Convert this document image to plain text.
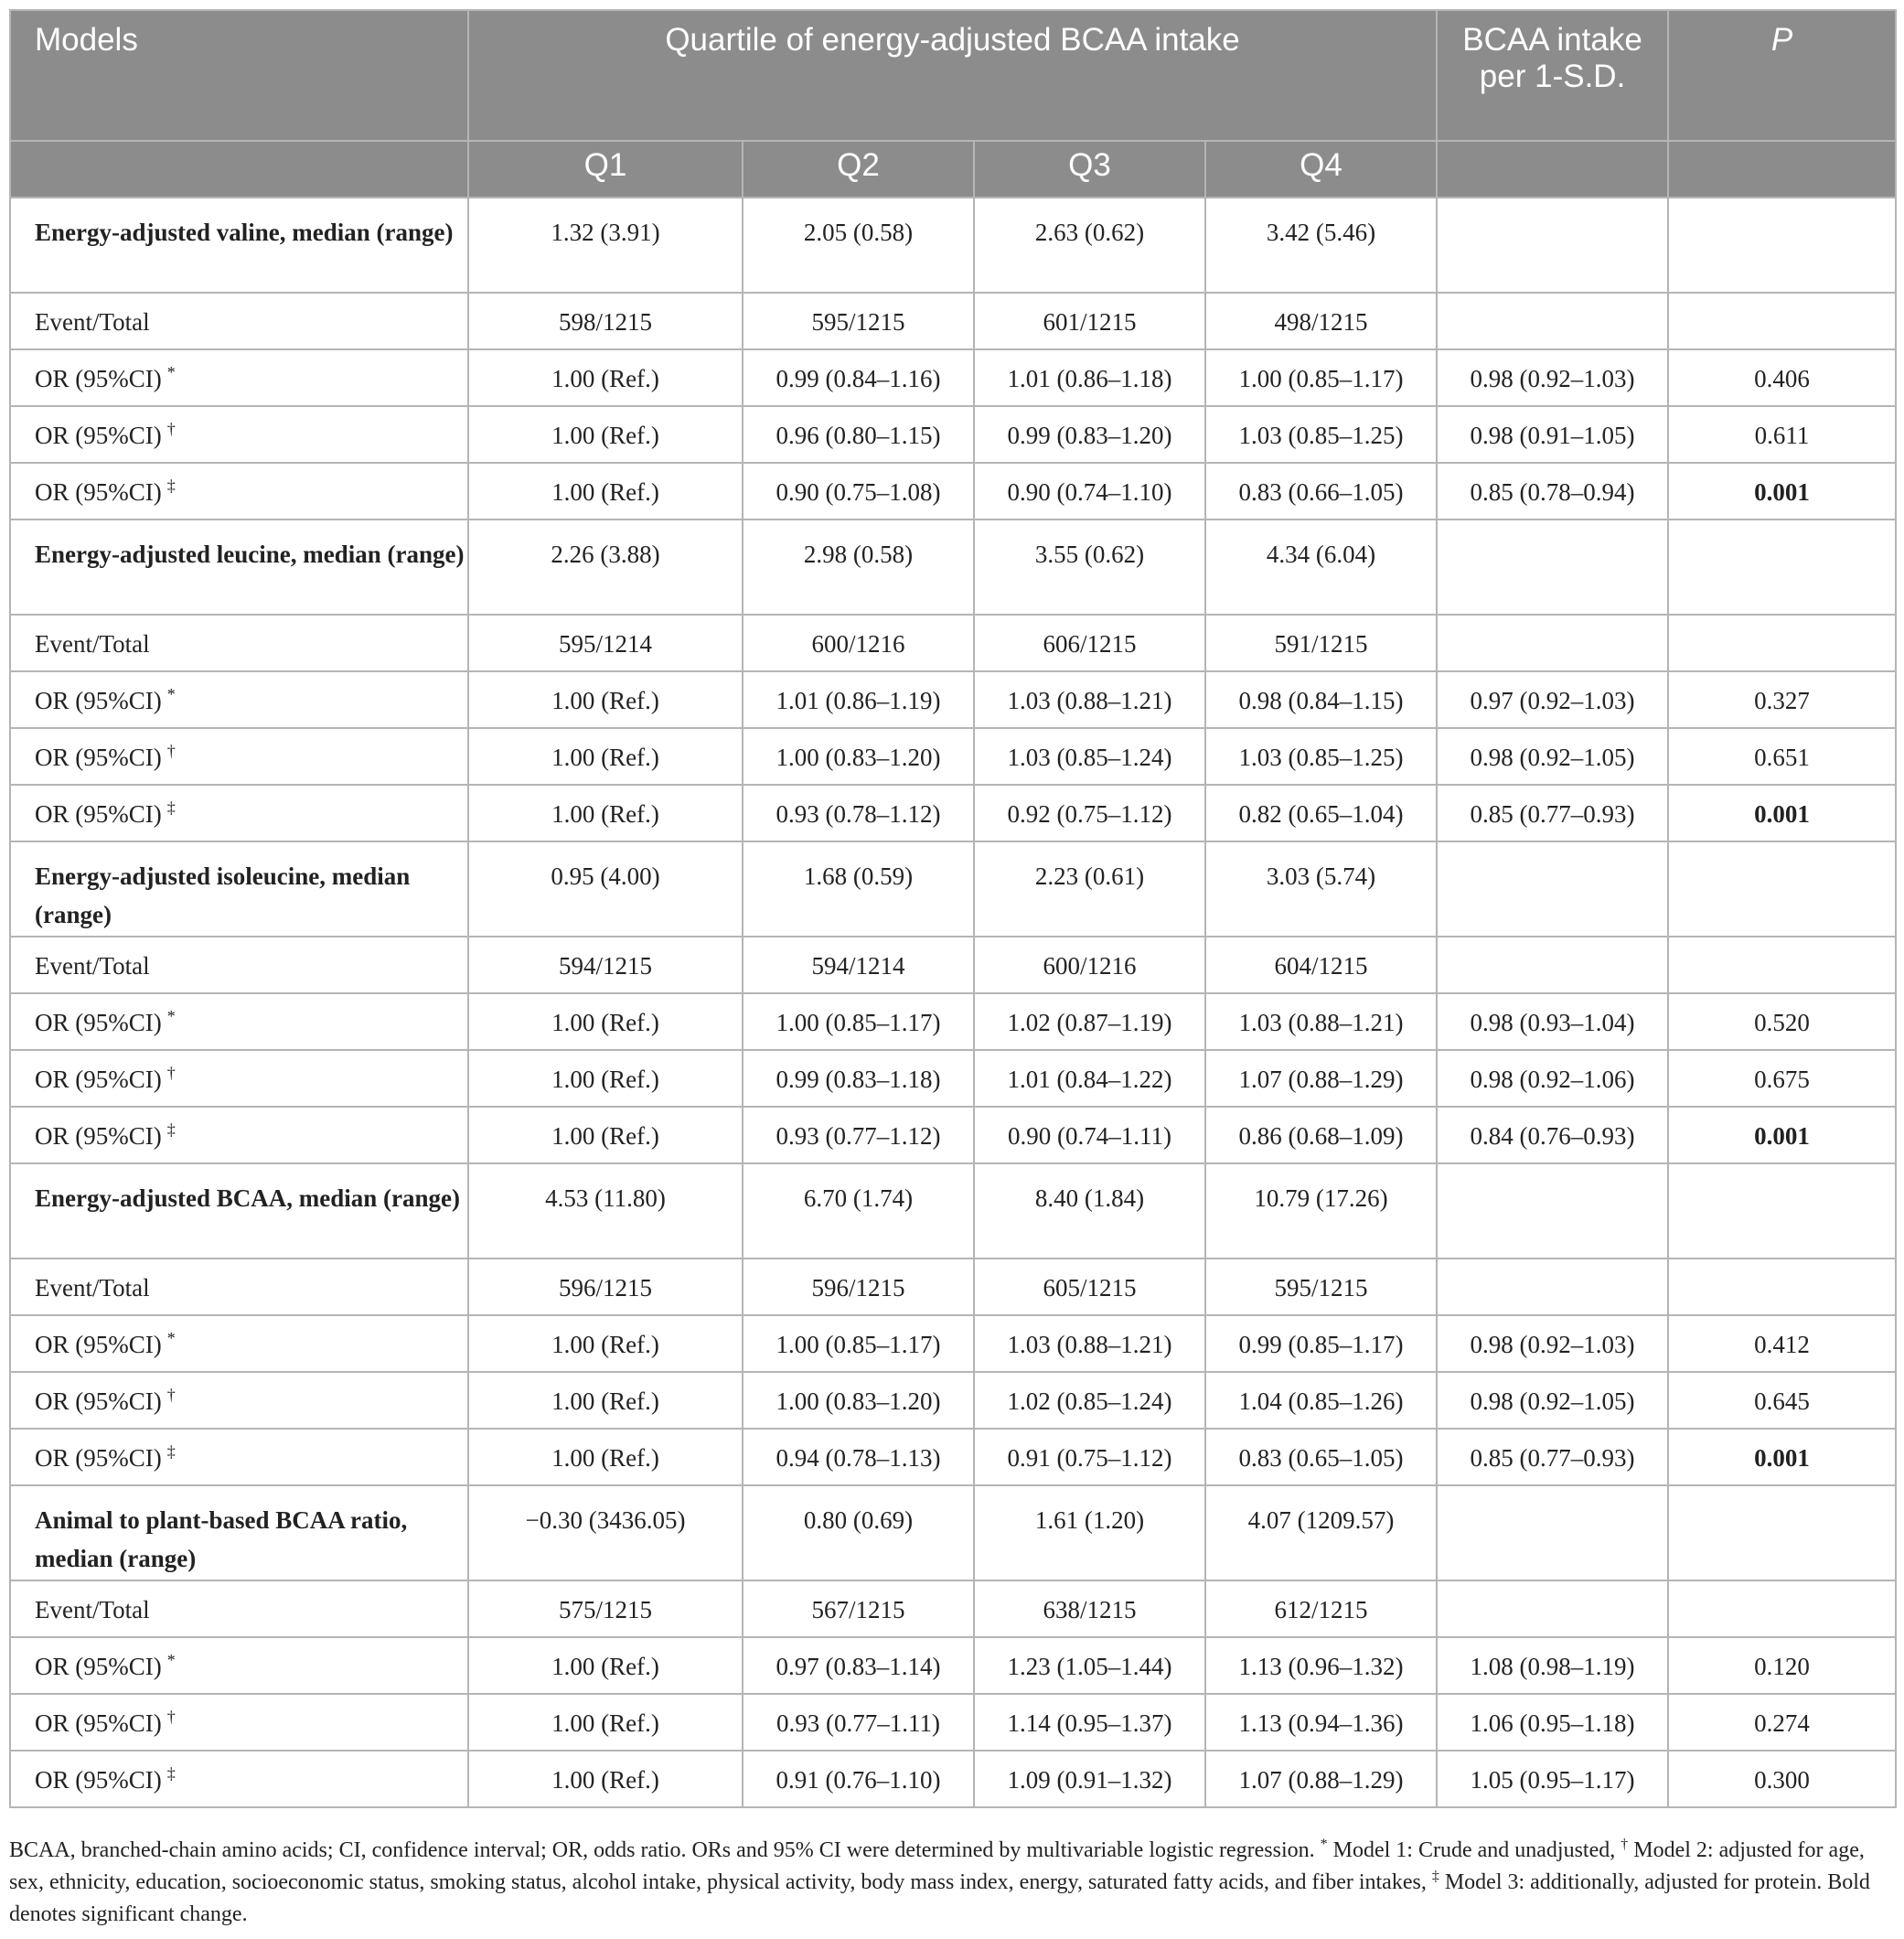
Models	Quartile of energy-adjusted BCAA intake				BCAA intake per 1-S.D.	P
	Q1	Q2	Q3	Q4		
Energy-adjusted valine, median (range)	1.32 (3.91)	2.05 (0.58)	2.63 (0.62)	3.42 (5.46)		
Event/Total	598/1215	595/1215	601/1215	498/1215		
OR (95%CI) *	1.00 (Ref.)	0.99 (0.84–1.16)	1.01 (0.86–1.18)	1.00 (0.85–1.17)	0.98 (0.92–1.03)	0.406
OR (95%CI) †	1.00 (Ref.)	0.96 (0.80–1.15)	0.99 (0.83–1.20)	1.03 (0.85–1.25)	0.98 (0.91–1.05)	0.611
OR (95%CI) ‡	1.00 (Ref.)	0.90 (0.75–1.08)	0.90 (0.74–1.10)	0.83 (0.66–1.05)	0.85 (0.78–0.94)	0.001
Energy-adjusted leucine, median (range)	2.26 (3.88)	2.98 (0.58)	3.55 (0.62)	4.34 (6.04)		
Event/Total	595/1214	600/1216	606/1215	591/1215		
OR (95%CI) *	1.00 (Ref.)	1.01 (0.86–1.19)	1.03 (0.88–1.21)	0.98 (0.84–1.15)	0.97 (0.92–1.03)	0.327
OR (95%CI) †	1.00 (Ref.)	1.00 (0.83–1.20)	1.03 (0.85–1.24)	1.03 (0.85–1.25)	0.98 (0.92–1.05)	0.651
OR (95%CI) ‡	1.00 (Ref.)	0.93 (0.78–1.12)	0.92 (0.75–1.12)	0.82 (0.65–1.04)	0.85 (0.77–0.93)	0.001
Energy-adjusted isoleucine, median (range)	0.95 (4.00)	1.68 (0.59)	2.23 (0.61)	3.03 (5.74)		
Event/Total	594/1215	594/1214	600/1216	604/1215		
OR (95%CI) *	1.00 (Ref.)	1.00 (0.85–1.17)	1.02 (0.87–1.19)	1.03 (0.88–1.21)	0.98 (0.93–1.04)	0.520
OR (95%CI) †	1.00 (Ref.)	0.99 (0.83–1.18)	1.01 (0.84–1.22)	1.07 (0.88–1.29)	0.98 (0.92–1.06)	0.675
OR (95%CI) ‡	1.00 (Ref.)	0.93 (0.77–1.12)	0.90 (0.74–1.11)	0.86 (0.68–1.09)	0.84 (0.76–0.93)	0.001
Energy-adjusted BCAA, median (range)	4.53 (11.80)	6.70 (1.74)	8.40 (1.84)	10.79 (17.26)		
Event/Total	596/1215	596/1215	605/1215	595/1215		
OR (95%CI) *	1.00 (Ref.)	1.00 (0.85–1.17)	1.03 (0.88–1.21)	0.99 (0.85–1.17)	0.98 (0.92–1.03)	0.412
OR (95%CI) †	1.00 (Ref.)	1.00 (0.83–1.20)	1.02 (0.85–1.24)	1.04 (0.85–1.26)	0.98 (0.92–1.05)	0.645
OR (95%CI) ‡	1.00 (Ref.)	0.94 (0.78–1.13)	0.91 (0.75–1.12)	0.83 (0.65–1.05)	0.85 (0.77–0.93)	0.001
Animal to plant-based BCAA ratio, median (range)	−0.30 (3436.05)	0.80 (0.69)	1.61 (1.20)	4.07 (1209.57)		
Event/Total	575/1215	567/1215	638/1215	612/1215		
OR (95%CI) *	1.00 (Ref.)	0.97 (0.83–1.14)	1.23 (1.05–1.44)	1.13 (0.96–1.32)	1.08 (0.98–1.19)	0.120
OR (95%CI) †	1.00 (Ref.)	0.93 (0.77–1.11)	1.14 (0.95–1.37)	1.13 (0.94–1.36)	1.06 (0.95–1.18)	0.274
OR (95%CI) ‡	1.00 (Ref.)	0.91 (0.76–1.10)	1.09 (0.91–1.32)	1.07 (0.88–1.29)	1.05 (0.95–1.17)	0.300
BCAA, branched-chain amino acids; CI, confidence interval; OR, odds ratio. ORs and 95% CI were determined by multivariable logistic regression. * Model 1: Crude and unadjusted, † Model 2: adjusted for age, sex, ethnicity, education, socioeconomic status, smoking status, alcohol intake, physical activity, body mass index, energy, saturated fatty acids, and fiber intakes, ‡ Model 3: additionally, adjusted for protein. Bold denotes significant change.
